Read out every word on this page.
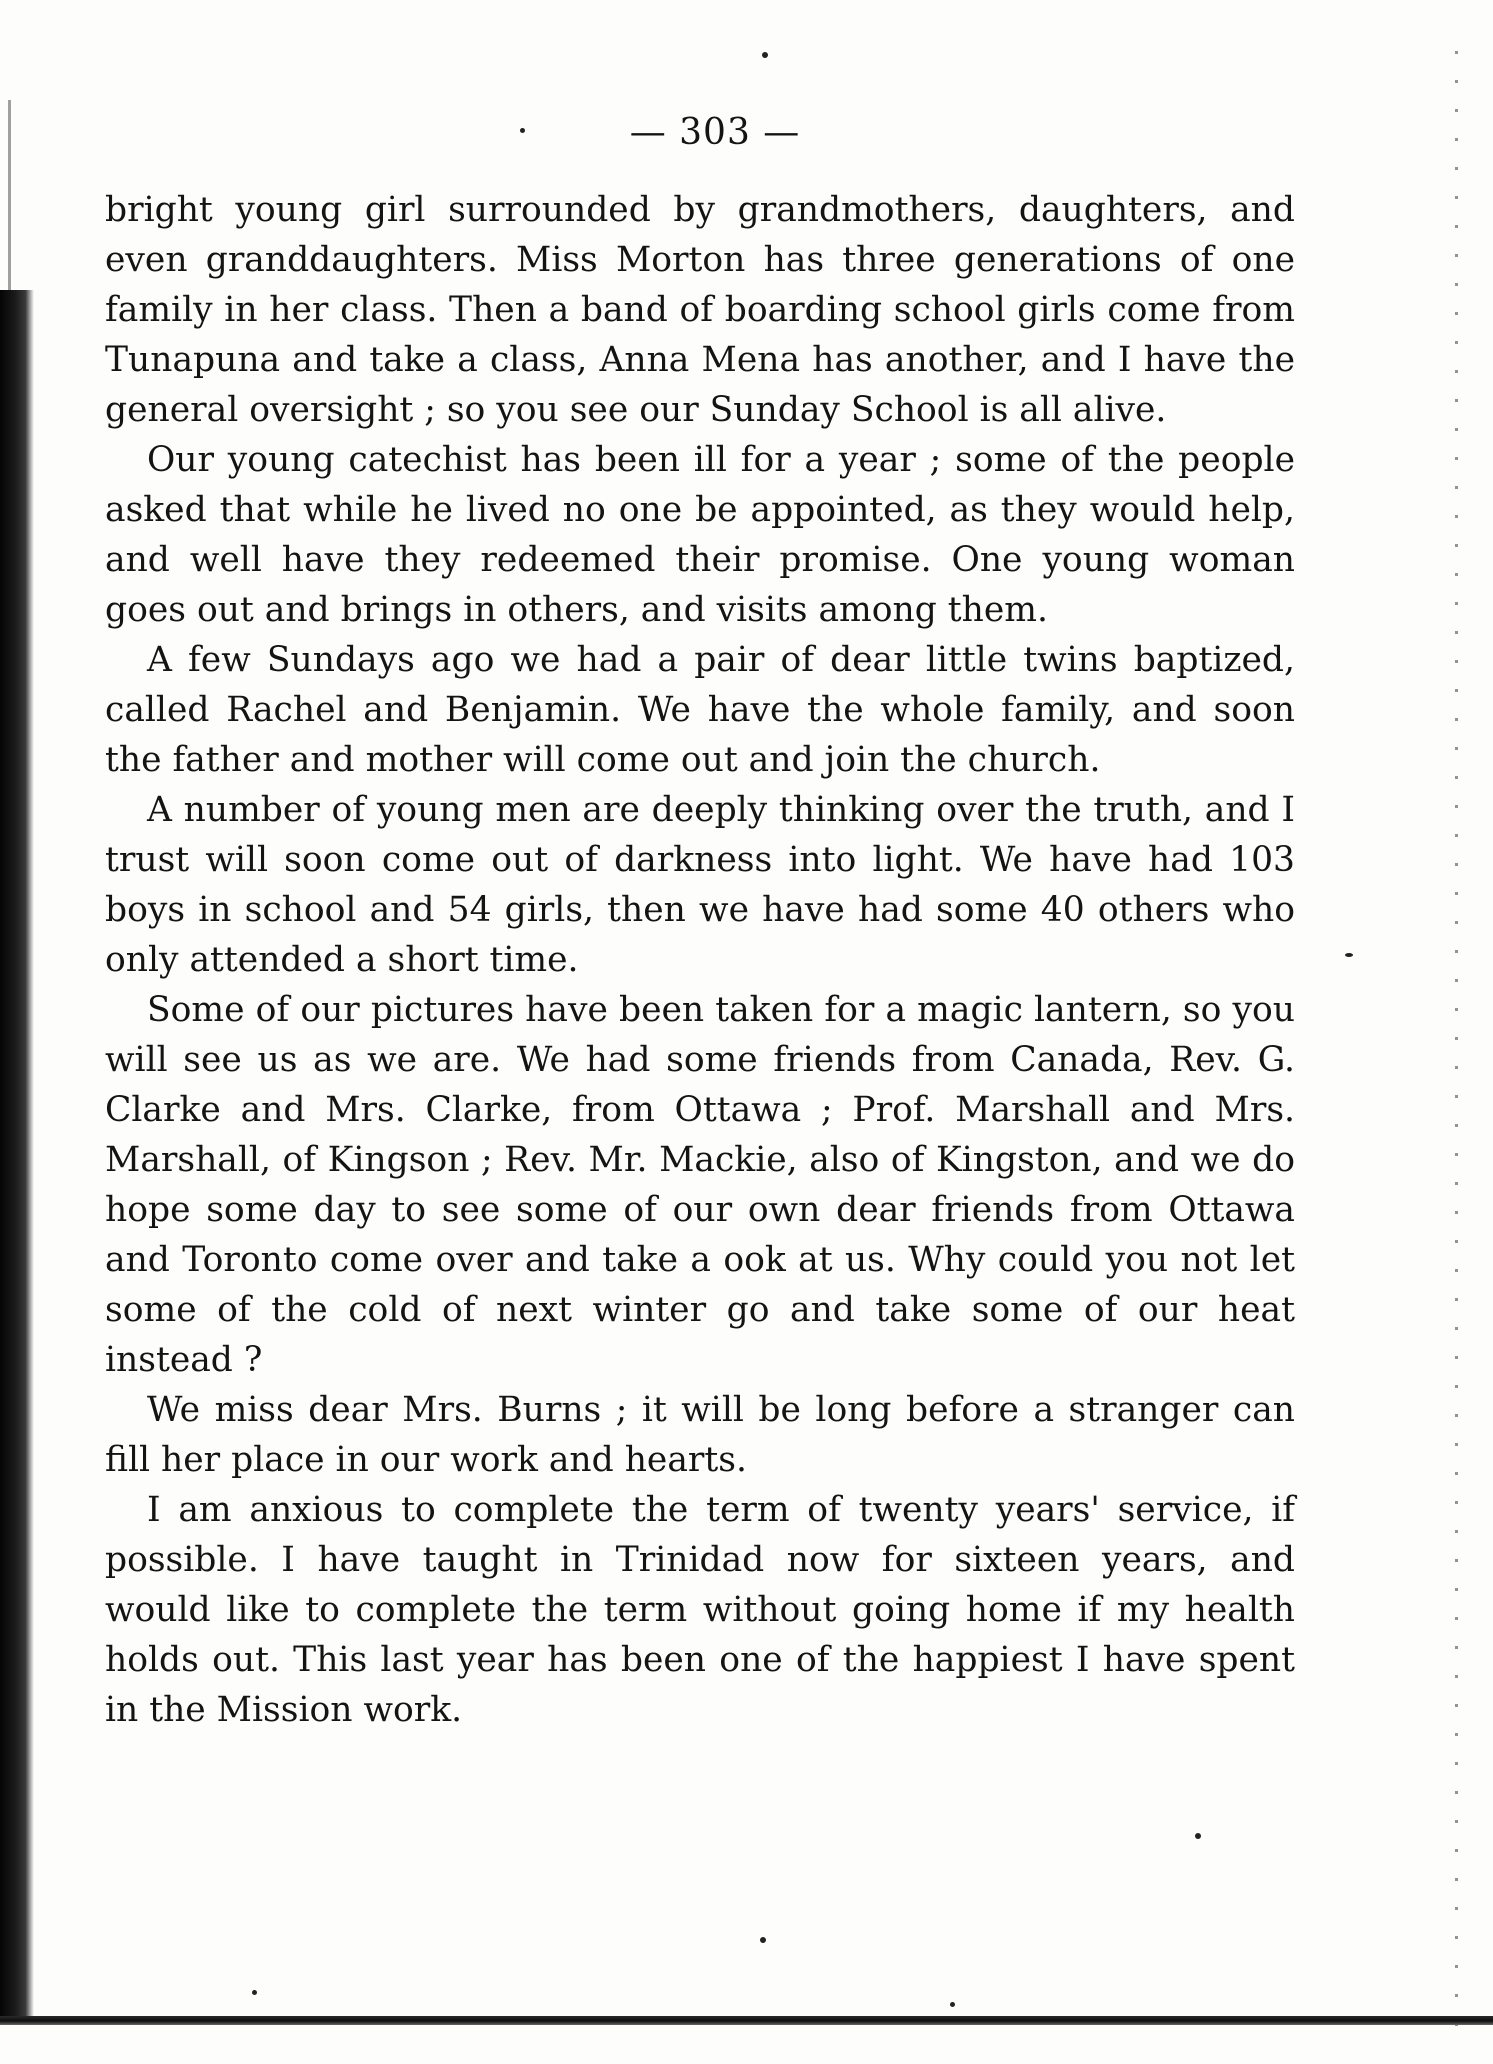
— 303 —

bright young girl surrounded by grandmothers, daughters, and even granddaughters. Miss Morton has three generations of one family in her class. Then a band of boarding school girls come from Tunapuna and take a class, Anna Mena has another, and I have the general oversight ; so you see our Sunday School is all alive.

Our young catechist has been ill for a year ; some of the people asked that while he lived no one be appointed, as they would help, and well have they redeemed their promise. One young woman goes out and brings in others, and visits among them.

A few Sundays ago we had a pair of dear little twins baptized, called Rachel and Benjamin. We have the whole family, and soon the father and mother will come out and join the church.

A number of young men are deeply thinking over the truth, and I trust will soon come out of darkness into light. We have had 103 boys in school and 54 girls, then we have had some 40 others who only attended a short time.

Some of our pictures have been taken for a magic lantern, so you will see us as we are. We had some friends from Canada, Rev. G. Clarke and Mrs. Clarke, from Ottawa ; Prof. Marshall and Mrs. Marshall, of Kingson ; Rev. Mr. Mackie, also of Kingston, and we do hope some day to see some of our own dear friends from Ottawa and Toronto come over and take a ook at us. Why could you not let some of the cold of next winter go and take some of our heat instead ?

We miss dear Mrs. Burns ; it will be long before a stranger can fill her place in our work and hearts.

I am anxious to complete the term of twenty years' service, if possible. I have taught in Trinidad now for sixteen years, and would like to complete the term without going home if my health holds out. This last year has been one of the happiest I have spent in the Mission work.
